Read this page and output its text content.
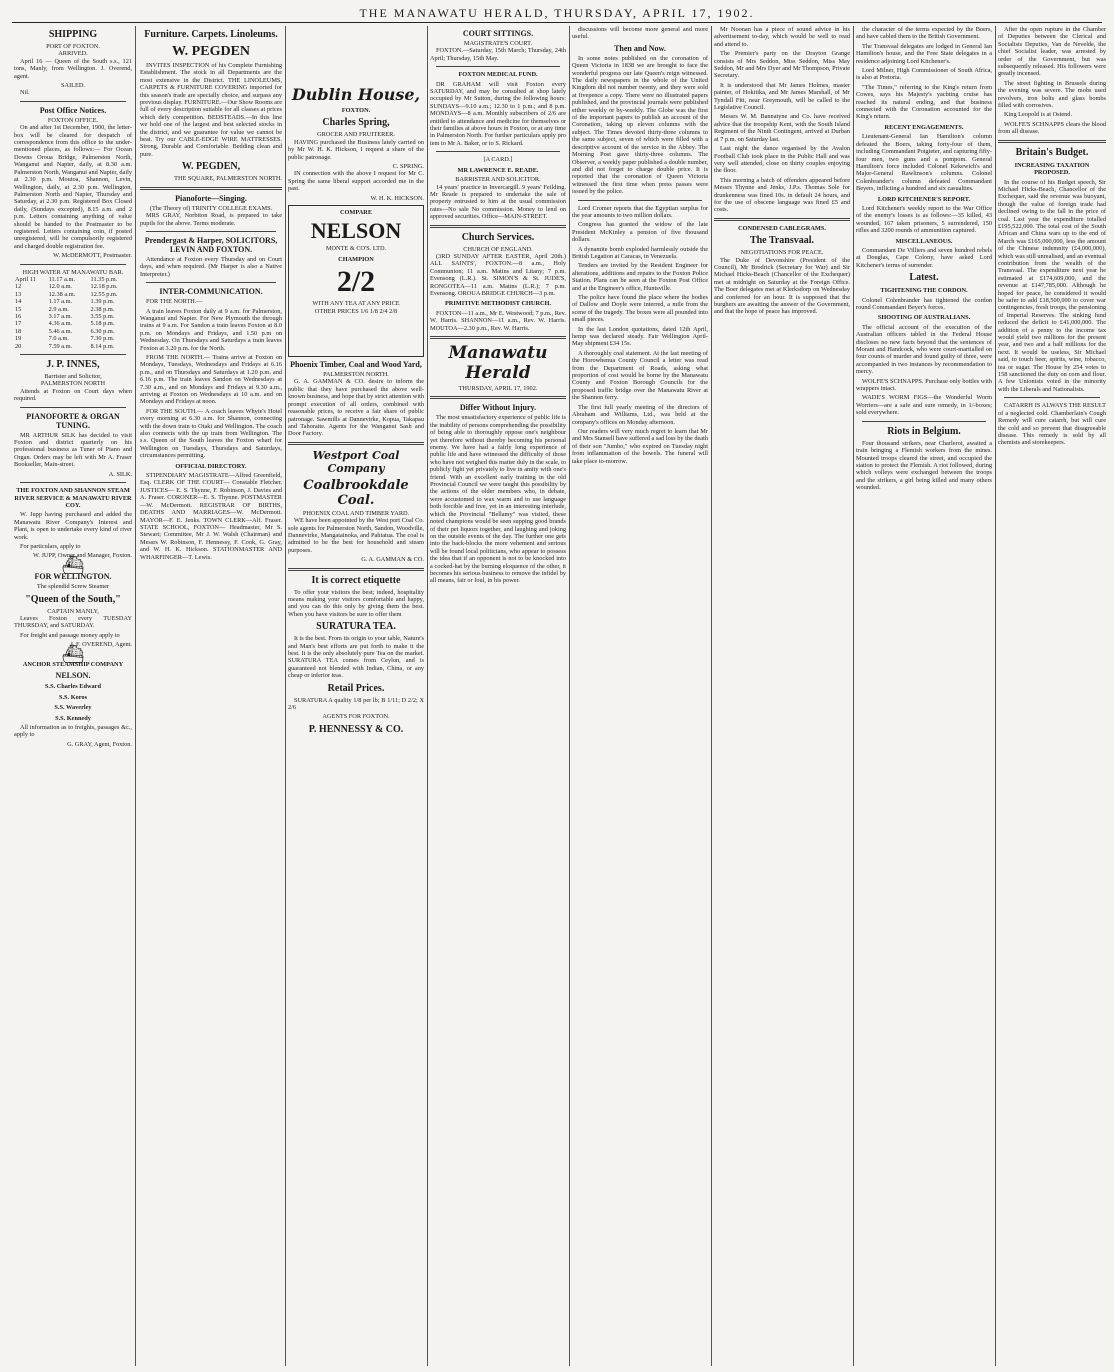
THE MANAWATU HERALD, THURSDAY, APRIL 17, 1902.
SHIPPING
PORT OF FOXTON.
ARRIVED.

April 16 — Queen of the South s.s., 121 tons, Manly, from Wellington. J. Overend, agent.

SAILED.

Nil.

Post Office Notices.
FOXTON OFFICE.

On and after 1st December, 1900, the letter-box will be cleared for despatch of correspondence from this office to the under-mentioned places, as follows:— For Ocean Downs Oroua Bridge, Palmerston North, Wanganui and Napier, daily, at 8.30 a.m. Palmerston North, Wanganui and Napier, daily at 2.30 p.m. Moutoa, Shannon, Levin, Wellington, daily, at 2.30 p.m. Wellington, Palmerston North and Napier, Thursday and Saturday, at 2.30 p.m. Registered Box Closed daily, (Sundays excepted), 8.15 a.m. and 2 p.m. Letters containing anything of value should be handed to the Postmaster to be registered. Letters containing coin, if posted unregistered, will be compulsorily registered and charged double registration fee.

W. McDERMOTT, Postmaster.
HIGH WATER AT MANAWATU BAR.
April 11	11.17 a.m.	11.35 p.m.
12	12.0 a.m.	12.18 p.m.
13	12.38 a.m.	12.55 p.m.
14	1.17 a.m.	1.39 p.m.
15	2.9 a.m.	2.38 p.m.
16	3.17 a.m.	3.55 p.m.
17	4.36 a.m.	5.18 p.m.
18	5.46 a.m.	6.30 p.m.
19	7.0 a.m.	7.30 p.m.
20	7.59 a.m.	8.14 p.m.
J. P. INNES,
Barrister and Solicitor,
PALMERSTON NORTH

Attends at Foxton on Court days when required.

PIANOFORTE & ORGAN TUNING.

MR ARTHUR SILK has decided to visit Foxton and district quarterly on his professional business as Tuner of Piano and Organ. Orders may be left with Mr A. Fraser Bookseller, Main-street.

A. SILK.
THE FOXTON AND SHANNON STEAM RIVER SERVICE & MANAWATU RIVER COY.

W. Jupp having purchased and added the Manawatu River Company's Interest and Plant, is open to undertake every kind of river work.

For particulars, apply to

W. JUPP, Owner and Manager, Foxton.
⛴
FOR WELLINGTON.
The splendid Screw Steamer
"Queen of the South,"
CAPTAIN MANLY,

Leaves Foxton every TUESDAY THURSDAY, and SATURDAY.

For freight and passage money apply to

J. F. OVEREND, Agent.
⛴
ANCHOR STEAMSHIP COMPANY
NELSON.
S.S. Charles Edward
S.S. Koros
S.S. Waverley
S.S. Kennedy

All information as to freights, passages &c., apply to

G. GRAY, Agent, Foxton.
Furniture. Carpets. Linoleums.
W. PEGDEN

INVITES INSPECTION of his Complete Furnishing Establishment. The stock in all Departments are the most extensive in the District. THE LINOLEUMS, CARPETS & FURNITURE COVERING imported for this season's trade are specially choice, and surpass any previous display. FURNITURE.—Our Show Rooms are full of every description suitable for all classes at prices which defy competition. BEDSTEADS.—In this line we hold one of the largest and best selected stocks in the district, and we guarantee for value we cannot be beat. Try our CABLE-EDGE WIRE MATTRESSES. Strong, Durable and Comfortable. Bedding clean and pure.

W. PEGDEN,
THE SQUARE, PALMERSTON NORTH.
Pianoforte—Singing.
(The Theory of) TRINITY COLLEGE EXAMS.

MRS GRAY, Norbiton Road, is prepared to take pupils for the above. Terms moderate.

Prendergast & Harper, SOLICITORS, LEVIN AND FOXTON.

Attendance at Foxton every Thursday and on Court days, and when required. (Mr Harper is also a Native Interpreter.)

INTER-COMMUNICATION.

FOR THE NORTH.—

A train leaves Foxton daily at 9 a.m. for Palmerston, Wanganui and Napier. For New Plymouth the through trains at 9 a.m. For Sandon a train leaves Foxton at 8.0 p.m. on Mondays and Fridays, and 1.50 p.m on Wednesday. On Thursdays and Saturdays a train leaves Foxton at 3.20 p.m. for the North.

FROM THE NORTH.— Trains arrive at Foxton on Mondays, Tuesdays, Wednesdays and Fridays at 6.16 p.m., and on Thursdays and Saturdays at 1.20 p.m. and 6.16 p.m. The train leaves Sandon on Wednesdays at 7.30 a.m., and on Mondays and Fridays at 9.30 a.m., arriving at Foxton on Wednesdays at 10 a.m. and on Mondays and Fridays at noon.

FOR THE SOUTH.— A coach leaves Whyte's Hotel every morning at 6.30 a.m. for Shannon, connecting with the down train to Otaki and Wellington. The coach also connects with the up train from Wellington. The s.s. Queen of the South leaves the Foxton wharf for Wellington on Tuesdays, Thursdays and Saturdays, circumstances permitting.

OFFICIAL DIRECTORY.

STIPENDIARY MAGISTRATE—Alfred Greenfield, Esq. CLERK OF THE COURT— Constable Fletcher. JUSTICES— E. S. Thynne, F. Robinson, J. Davies and A. Fraser. CORONER—E. S. Thynne. POSTMASTER—W. McDermott. REGISTRAR OF BIRTHS, DEATHS AND MARRIAGES—W. McDermott. MAYOR—F. E. Jenks. TOWN CLERK—Alf. Fraser. STATE SCHOOL, FOXTON— Headmaster, Mr S. Stewart; Committee, Mr J. W. Walsh (Chairman) and Messrs W. Robinson, F. Hennessy, F. Cook, G. Gray, and W. H. K. Hickson. STATIONMASTER AND WHARFINGER—T. Lewis.

Dublin House,
FOXTON.
Charles Spring,
GROCER AND FRUITERER.

HAVING purchased the Business lately carried on by Mr W. H. K. Hickson, I request a share of the public patronage.

C. SPRING.

IN connection with the above I request for Mr C. Spring the same liberal support accorded me in the past.

W. H. K. HICKSON.
COMPARE
NELSON
MONTE & CO'S. LTD.
CHAMPION
2/2
WITH ANY TEA AT ANY PRICE
OTHER PRICES 1/6 1/8 2/4 2/8
Phoenix Timber, Coal and Wood Yard,
PALMERSTON NORTH.

G. A. GAMMAN & CO. desire to inform the public that they have purchased the above well-known business, and hope that by strict attention with prompt execution of all orders, combined with reasonable prices, to receive a fair share of public patronage. Sawmills at Dannevirke, Kopua, Takapau and Tahoraite. Agents for the Wanganui Sash and Door Factory.

Westport Coal Company
Coalbrookdale Coal.
PHOENIX COAL AND TIMBER YARD.

WE have been appointed by the West port Coal Co. sole agents for Palmerston North, Sandon, Woodville, Dannevirke, Mangatainoka, and Pahiatua. The coal is admitted to be the best for household and steam purposes.

G. A. GAMMAN & CO.
It is correct etiquette

To offer your visitors the best; indeed, hospitality means making your visitors comfortable and happy, and you can do this only by giving them the best. When you have visitors be sure to offer them

SURATURA TEA.

It is the best. From its origin to your table, Nature's and Man's best efforts are put forth to make it the best. It is the only absolutely pure Tea on the market. SURATURA TEA comes from Ceylon, and is guaranteed not blended with Indian, China, or any cheap or inferior teas.

Retail Prices.

SURATURA A quality 1/8 per lb; B 1/11; D 2/2; X 2/6

AGENTS FOR FOXTON.
P. HENNESSY & CO.
COURT SITTINGS.
MAGISTRATE'S COURT.

FOXTON.—Saturday, 15th March; Thursday, 24th April; Thursday, 15th May.

FOXTON MEDICAL FUND.

DR GRAHAM will visit Foxton every SATURDAY, and may be consulted at shop lately occupied by Mr Sutton, during the following hours: SUNDAYS—9.10 a.m.; 12.30 to 1 p.m.; and 8 p.m. MONDAYS—8 a.m. Monthly subscribers of 2/6 are entitled to attendance and medicine for themselves or their families at above hours in Foxton, or at any time in Palmerston North. For further particulars apply pro tem to Mr A. Baker, or to S. Rickard.

[A CARD.]
MR LAWRENCE E. READE.
BARRISTER AND SOLICITOR.

14 years' practice in Invercargill. 9 years' Feilding. Mr Reade is prepared to undertake the sale of property entrusted to him at the usual commission rates—No sale No commission. Money to lend on approved securities. Office—MAIN-STREET.

Church Services.
CHURCH OF ENGLAND.

(3RD SUNDAY AFTER EASTER, April 20th.) ALL SAINTS', FOXTON.—8 a.m., Holy Communion; 11 a.m. Matins and Litany; 7 p.m. Evensong (L.R.). St. SIMON'S & St. JUDE'S, RONGOTEA—11 a.m. Matins (L.R.); 7 p.m. Evensong. OROUA BRIDGE CHURCH—3 p.m.

PRIMITIVE METHODIST CHURCH.

FOXTON—11 a.m., Mr E. Westwood; 7 p.m., Rev. W. Harris. SHANNON—11 a.m., Rev. W. Harris. MOUTOA—2.30 p.m., Rev. W. Harris.

Manawatu Herald
THURSDAY, APRIL 17, 1902.
Differ Without Injury.

The most unsatisfactory experience of public life is the inability of persons comprehending the possibility of being able to thoroughly oppose one's neighbour yet therefore without thereby becoming his personal enemy. We have had a fairly long experience of public life and have witnessed the difficulty of those who have not weighed this matter duly in the scale, to publicly fight yet privately to live in amity with one's friend. With an excellent early training in the old Provincial Council we were taught this possibility by the actions of the older members who, in debate, were accustomed to wax warm and to use language both forcible and free, yet in an interesting interlude, which the Provincial "Bellamy" was visited, these noted champions would be seen supping good brands of their pet liquors together, and laughing and joking on the outside events of the day. The further one gets into the back-blocks the more vehement and serious will be found local politicians, who appear to possess the idea that if an opponent is not to be knocked into a cocked-hat by the burning eloquence of the other, it becomes his serious business to remove the infidel by all means, fair or foul, in his power.

discussions will become more general and more useful.

Then and Now.

In some notes published on the coronation of Queen Victoria in 1838 we are brought to face the wonderful progress our late Queen's reign witnessed. The daily newspapers in the whole of the United Kingdom did not number twenty, and they were sold at fivepence a copy. There were no illustrated papers published, and the provincial journals were published either weekly or by-weekly. The Globe was the first of the important papers to publish an account of the Coronation, taking up eleven columns with the subject. The Times devoted thirty-three columns to the same subject, seven of which were filled with a descriptive account of the service in the Abbey. The Morning Post gave thirty-three columns. The Observer, a weekly paper published a double number, and did not forget to charge double price. It is reported that the coronation of Queen Victoria witnessed the first time when press passes were issued by the police.

Lord Cromer reports that the Egyptian surplus for the year amounts to two million dollars.

Congress has granted the widow of the late President McKinley a pension of five thousand dollars.

A dynamite bomb exploded harmlessly outside the British Legation at Caracas, in Venezuela.

Tenders are invited by the Resident Engineer for alterations, additions and repairs to the Foxton Police Station. Plans can be seen at the Foxton Post Office and at the Engineer's office, Huntsville.

The police have found the place where the bodies of Dallow and Doyle were interred, a mile from the scene of the tragedy. The boxes were all pounded into small pieces.

In the last London quotations, dated 12th April, hemp was declared steady. Fair Wellington April-May shipment £34 15s.

A thoroughly coal statement. At the last meeting of the Horowhenua County Council a letter was read from the Department of Roads, asking what proportion of cost would be borne by the Manawatu County and Foxton Borough Councils for the proposed traffic bridge over the Manawatu River at the Shannon ferry.

The first full yearly meeting of the directors of Abraham and Williams, Ltd., was held at the company's offices on Monday afternoon.

Our readers will very much regret to learn that Mr and Mrs Stansell have suffered a sad loss by the death of their son "Jumbo," who expired on Tuesday night from inflammation of the bowels. The funeral will take place to-morrow.

Mr Noonan has a piece of sound advice in his advertisement to-day, which would be well to read and attend to.

The Premier's party on the Drayton Grange consists of Mrs Seddon, Miss Seddon, Miss May Seddon, Mr and Mrs Dyer and Mr Thompson, Private Secretary.

It is understood that Mr James Holmes, master painter, of Hokitika, and Mr James Marshall, of Mr Tyndall Fitt, near Greymouth, will be called to the Legislative Council.

Messrs W. M. Bannatyne and Co. have received advice that the troopship Kent, with the South Island Regiment of the Ninth Contingent, arrived at Durban at 7 p.m. on Saturday last.

Last night the dance organised by the Avalon Football Club took place in the Public Hall and was very well attended, close on thirty couples enjoying the floor.

This morning a batch of offenders appeared before Messrs Thynne and Jenks, J.P.s. Thomas Sole for drunkenness was fined 10s. in default 24 hours, and for the use of obscene language was fined £5 and costs.

CONDENSED CABLEGRAMS.
The Transvaal.
NEGOTIATIONS FOR PEACE.

The Duke of Devonshire (President of the Council), Mr Brodrick (Secretary for War) and Sir Michael Hicks-Beach (Chancellor of the Exchequer) met at midnight on Saturday at the Foreign Office. The Boer delegates met at Klerksdorp on Wednesday and conferred for an hour. It is supposed that the burghers are awaiting the answer of the Government, and that the hope of peace has improved.

the character of the terms expected by the Boers, and have cabled them to the British Government.

The Transvaal delegates are lodged in General Ian Hamilton's house, and the Free State delegates in a residence adjoining Lord Kitchener's.

Lord Milner, High Commissioner of South Africa, is also at Pretoria.

"The Times," referring to the King's return from Cowes, says his Majesty's yachting cruise has reached its natural ending, and that business connected with the Coronation accounted for the King's return.

RECENT ENGAGEMENTS.

Lieutenant-General Ian Hamilton's column defeated the Boers, taking forty-four of them, including Commandant Potgieter, and capturing fifty-four men, two guns and a pompom. General Hamilton's force included Colonel Kekewich's and Major-General Rawlinson's columns. Colonel Colenbrander's column defeated Commandant Beyers, inflicting a hundred and six casualties.

LORD KITCHENER'S REPORT.

Lord Kitchener's weekly report to the War Office of the enemy's losses is as follows:—35 killed, 43 wounded, 167 taken prisoners, 5 surrendered, 150 rifles and 3200 rounds of ammunition captured.

MISCELLANEOUS.

Commandant De Villiers and seven hundred rebels at Douglas, Cape Colony, have asked Lord Kitchener's terms of surrender.

Latest.
TIGHTENING THE CORDON.

Colonel Colenbrander has tightened the cordon round Commandant Beyer's forces.

SHOOTING OF AUSTRALIANS.

The official account of the execution of the Australian officers tabled in the Federal House discloses no new facts beyond that the sentences of Morant and Handcock, who were court-martialled on four counts of murder and found guilty of three, were accompanied in two instances by recommendation to mercy.

WOLFE'S SCHNAPPS. Purchase only bottles with wrappers intact.

WADE'S WORM FIGS—the Wonderful Worm Worriers—are a safe and sure remedy, in 1/-boxes; sold everywhere.

Riots in Belgium.

Four thousand strikers, near Charleroi, awaited a train bringing a Flemish workers from the mines. Mounted troops cleared the street, and occupied the station to protect the Flemish. A riot followed, during which volleys were exchanged between the troops and the strikers, a girl being killed and many others wounded.

After the open rupture in the Chamber of Deputies between the Clerical and Socialists Deputies, Van de Nevelde, the chief Socialist leader, was arrested by order of the Government, but was subsequently released. His followers were greatly incensed.

The street fighting in Brussels during the evening was severe. The mobs used revolvers, iron bolts and glass bombs filled with corrosives.

King Leopold is at Ostend.

WOLFE'S SCHNAPPS clears the blood from all disease.

Britain's Budget.
INCREASING TAXATION PROPOSED.

In the course of his Budget speech, Sir Michael Hicks-Beach, Chancellor of the Exchequer, said the revenue was buoyant, though the value of foreign trade had declined owing to the fall in the price of coal. Last year the expenditure totalled £195,522,000. The total cost of the South African and China wars up to the end of March was £165,000,000, less the amount of the Chinese indemnity (£4,000,000), which was still unrealised, and an eventual contribution from the wealth of the Transvaal. The expenditure next year he estimated at £174,609,000, and the revenue at £147,785,000. Although he hoped for peace, he considered it would be safer to add £18,500,000 to cover war contingencies, fresh troops, the pensioning of Imperial Reserves. The sinking fund reduced the deficit to £41,000,000. The addition of a penny to the income tax would yield two millions for the present year, and two and a half millions for the next. It would be useless, Sir Michael said, to touch beer, spirits, wine, tobacco, tea or sugar. The House by 254 votes to 158 sanctioned the duty on corn and flour. A few Unionists voted in the minority with the Liberals and Nationalists.

CATARRH IS ALWAYS THE RESULT of a neglected cold. Chamberlain's Cough Remedy will cure catarrh, but will cure the cold and so prevent that disagreeable disease. This remedy is sold by all chemists and storekeepers.
